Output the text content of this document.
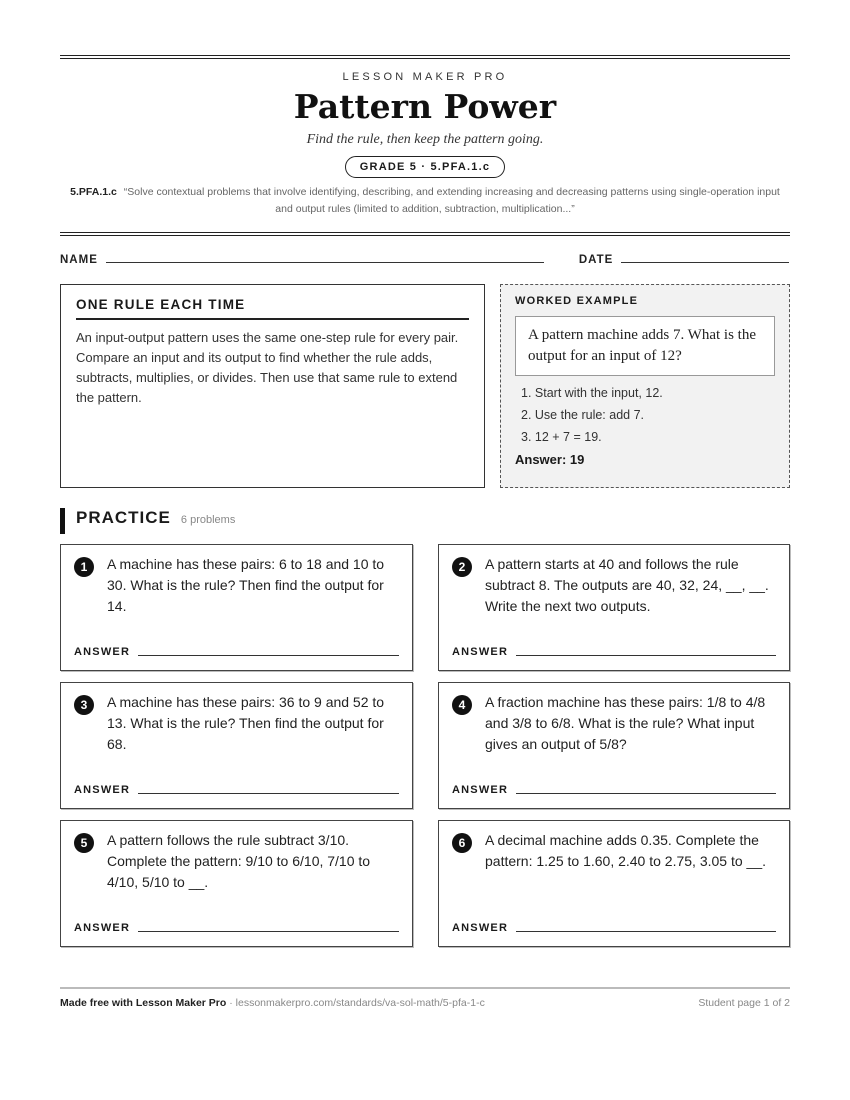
LESSON MAKER PRO
Pattern Power
Find the rule, then keep the pattern going.
GRADE 5 · 5.PFA.1.c
5.PFA.1.c “Solve contextual problems that involve identifying, describing, and extending increasing and decreasing patterns using single-operation input and output rules (limited to addition, subtraction, multiplication...”
NAME	DATE
ONE RULE EACH TIME

An input-output pattern uses the same one-step rule for every pair. Compare an input and its output to find whether the rule adds, subtracts, multiplies, or divides. Then use that same rule to extend the pattern.

WORKED EXAMPLE
A pattern machine adds 7. What is the output for an input of 12?
1. Start with the input, 12.
2. Use the rule: add 7.
3. 12 + 7 = 19.
Answer: 19
PRACTICE 6 problems
1	A machine has these pairs: 6 to 18 and 10 to 30. What is the rule? Then find the output for 14.
ANSWER
2	A pattern starts at 40 and follows the rule subtract 8. The outputs are 40, 32, 24, __, __. Write the next two outputs.
ANSWER
3	A machine has these pairs: 36 to 9 and 52 to 13. What is the rule? Then find the output for 68.
ANSWER
4	A fraction machine has these pairs: 1/8 to 4/8 and 3/8 to 6/8. What is the rule? What input gives an output of 5/8?
ANSWER
5	A pattern follows the rule subtract 3/10. Complete the pattern: 9/10 to 6/10, 7/10 to 4/10, 5/10 to __.
ANSWER
6	A decimal machine adds 0.35. Complete the pattern: 1.25 to 1.60, 2.40 to 2.75, 3.05 to __.
ANSWER
Made free with Lesson Maker Pro · lessonmakerpro.com/standards/va-sol-math/5-pfa-1-c	Student page 1 of 2
